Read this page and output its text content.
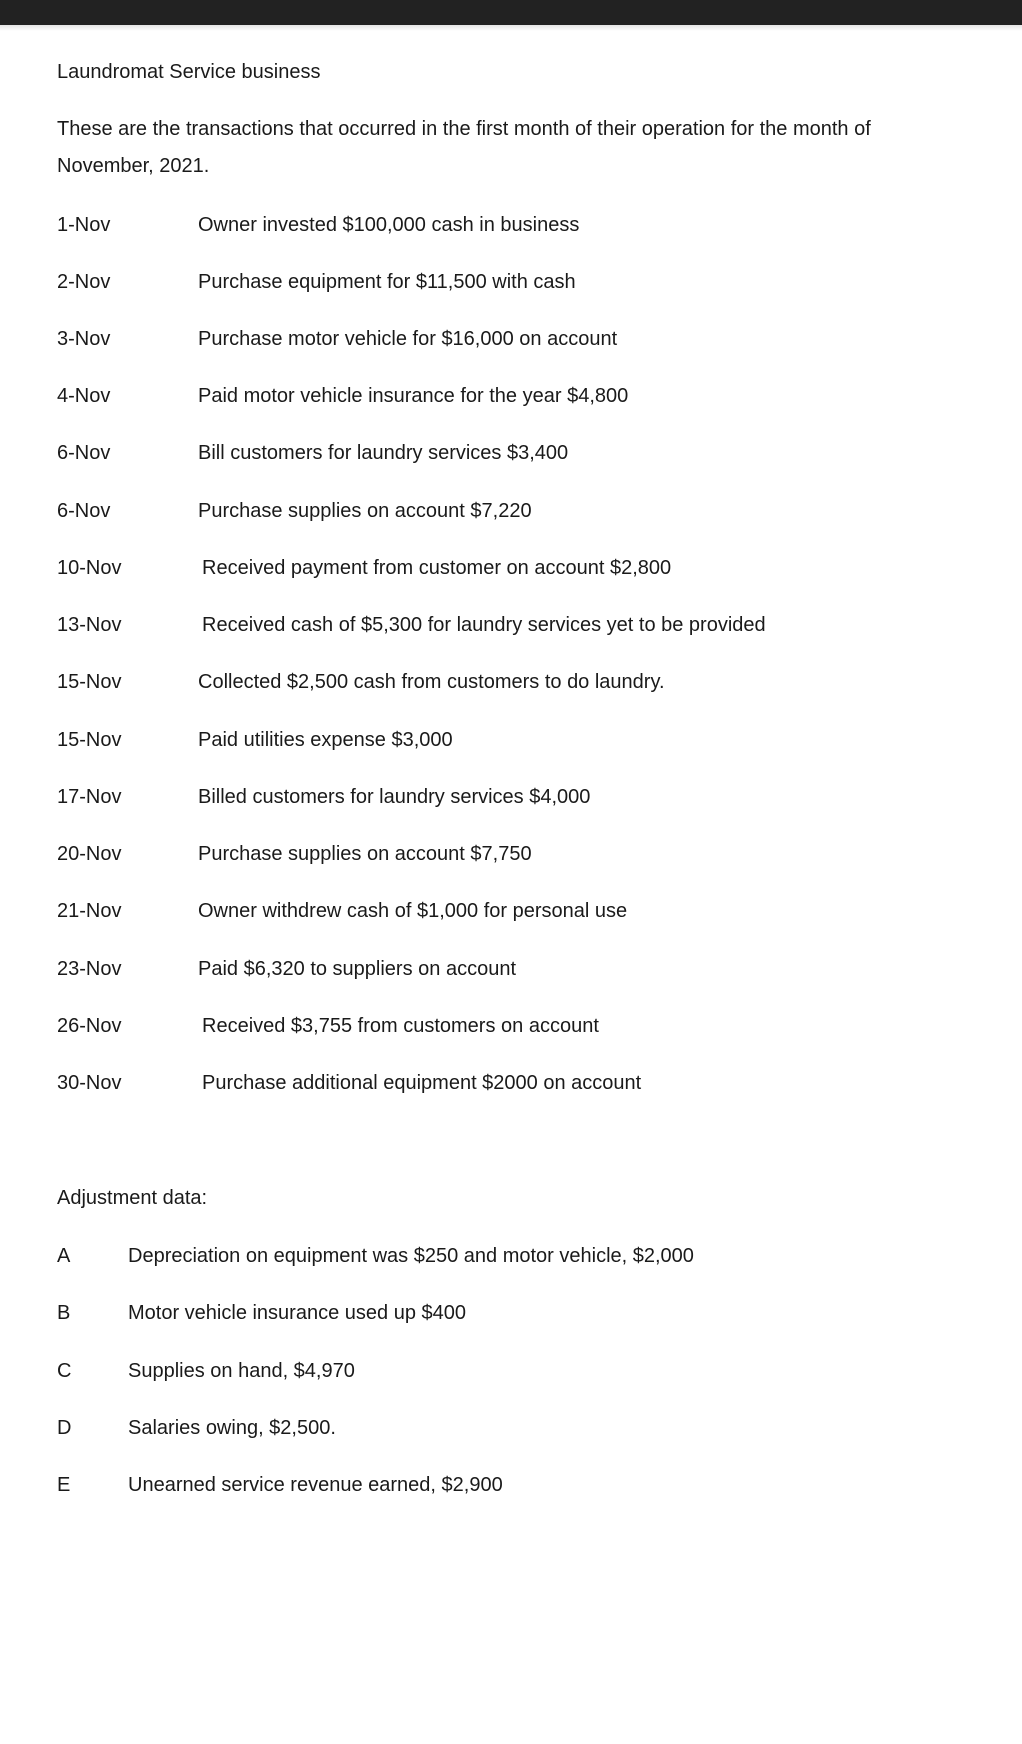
Laundromat Service business
These are the transactions that occurred in the first month of their operation for the month of
November, 2021.
1-Nov	Owner invested $100,000 cash in business
2-Nov	Purchase equipment for $11,500 with cash
3-Nov	Purchase motor vehicle for $16,000 on account
4-Nov	Paid motor vehicle insurance for the year $4,800
6-Nov	Bill customers for laundry services $3,400
6-Nov	Purchase supplies on account $7,220
10-Nov	Received payment from customer on account $2,800
13-Nov	Received cash of $5,300 for laundry services yet to be provided
15-Nov	Collected $2,500 cash from customers to do laundry.
15-Nov	Paid utilities expense $3,000
17-Nov	Billed customers for laundry services $4,000
20-Nov	Purchase supplies on account $7,750
21-Nov	Owner withdrew cash of $1,000 for personal use
23-Nov	Paid $6,320 to suppliers on account
26-Nov	Received $3,755 from customers on account
30-Nov	Purchase additional equipment $2000 on account
Adjustment data:
A	Depreciation on equipment was $250 and motor vehicle, $2,000
B	Motor vehicle insurance used up $400
C	Supplies on hand, $4,970
D	Salaries owing, $2,500.
E	Unearned service revenue earned, $2,900
